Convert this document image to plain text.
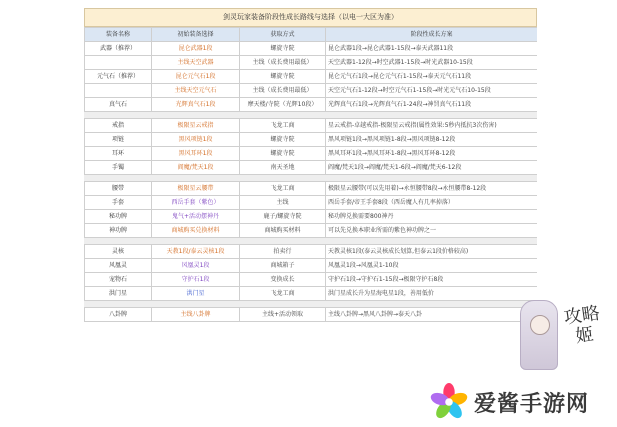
剑灵玩家装备阶段性成长路线与选择（以电一大区为准）
装备名称	初始装备选择	获取方式	阶段性成长方案
武器（推荐）	昆仑武器1段	螺旋寺院	昆仑武器1段→昆仑武器1-15段→泰天武器11段
	主线天空武器	主线（成长费用最低）	天空武器1-12段→时空武器1-15段→时光武器10-15段
元气石（推荐）	昆仑元气石1段	螺旋寺院	昆仑元气石1段→昆仑元气石1-15段→泰天元气石11段
	主线天空元气石	主线（成长费用最低）	天空元气石1-12段→时空元气石1-15段→时光元气石10-15段
真气石	光辉真气石1段	摩天楼/寺院（光辉10段）	光辉真气石1段→光辉真气石1-24段→神罚真气石11段

戒指	极限星云戒指	飞龙工商	星云戒指-卓越戒指-极限星云戒指(属性效果:5秒内抵抗3次伤害)
项链	黑风项链1段	螺旋寺院	黑风项链1段→黑风项链1-8段→黑风项链8-12段
耳环	黑风耳环1段	螺旋寺院	黑风耳环1段→黑风耳环1-8段→黑风耳环8-12段
手镯	阎魔/梵天1段	南天圣地	阎魔/梵天1段→阎魔/梵天1-6段→阎魔/梵天6-12段

腰带	极限星云腰带	飞龙工商	极限星云腰带(可以先用着)→永恒腰带8段→永恒腰带8-12段
手套	西岳手套（紫色）	主线	西岳手套/帝王手套8段（西岳魔人有几率掉落）
秘功牌	鬼气+活动摆神丹	鹿子/螺旋寺院	秘功牌兑换需要800神丹
神功牌	商城购买兑换材料	商城购买材料	可以先兑换本职业所需的紫色神功牌之一

灵核	天教1段/泰云灵核1段	拍卖行	天教灵核1段(泰云灵核成长划算,但泰云1段价格较高)
风凰灵	风凰灵1段	商城箱子	风凰灵1段→风凰灵1-10段
宠物石	守护石1段	变换成长	守护石1段→守护石1-15段→极限守护石8段
洪门星	洪门星	飞龙工商	洪门星成长升为星海电星1段，善用低价

八卦牌	主线八卦牌	主线+活动领取	主线八卦牌→黑风八卦牌→泰天八卦	攻略姬
爱酱手游网
